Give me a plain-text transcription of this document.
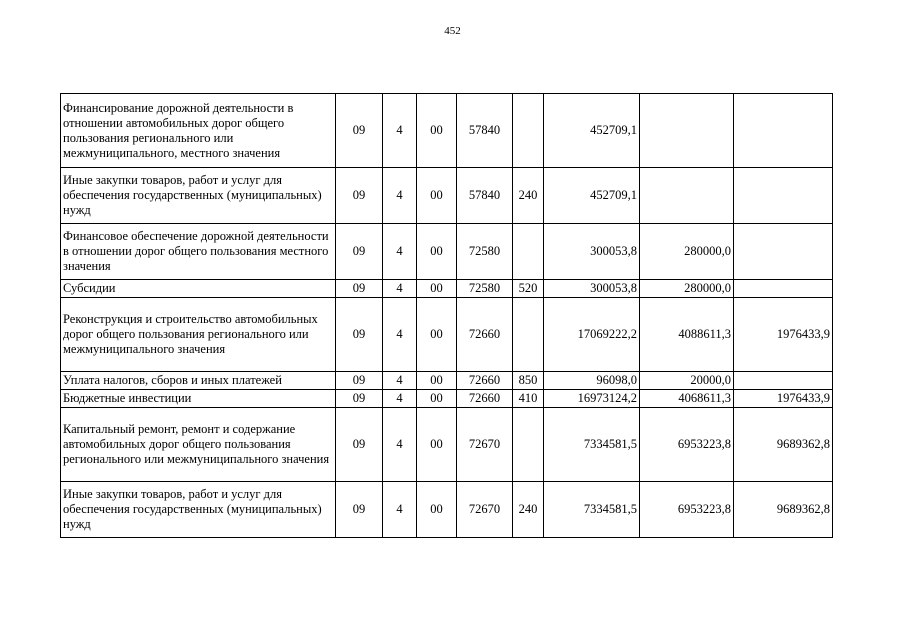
452
Финансирование дорожной деятельности в отношении автомобильных дорог общего пользования регионального или межмуниципального, местного значения	09	4	00	57840		452709,1		
Иные закупки товаров, работ и услуг для обеспечения государственных (муниципальных) нужд	09	4	00	57840	240	452709,1		
Финансовое обеспечение дорожной деятельности в отношении дорог общего пользования местного значения	09	4	00	72580		300053,8	280000,0	
Субсидии	09	4	00	72580	520	300053,8	280000,0	
Реконструкция и строительство автомобильных дорог общего пользования регионального или межмуниципального значения	09	4	00	72660		17069222,2	4088611,3	1976433,9
Уплата налогов, сборов и иных платежей	09	4	00	72660	850	96098,0	20000,0	
Бюджетные инвестиции	09	4	00	72660	410	16973124,2	4068611,3	1976433,9
Капитальный ремонт, ремонт и содержание автомобильных дорог общего пользования регионального или межмуниципального значения	09	4	00	72670		7334581,5	6953223,8	9689362,8
Иные закупки товаров, работ и услуг для обеспечения государственных (муниципальных) нужд	09	4	00	72670	240	7334581,5	6953223,8	9689362,8
